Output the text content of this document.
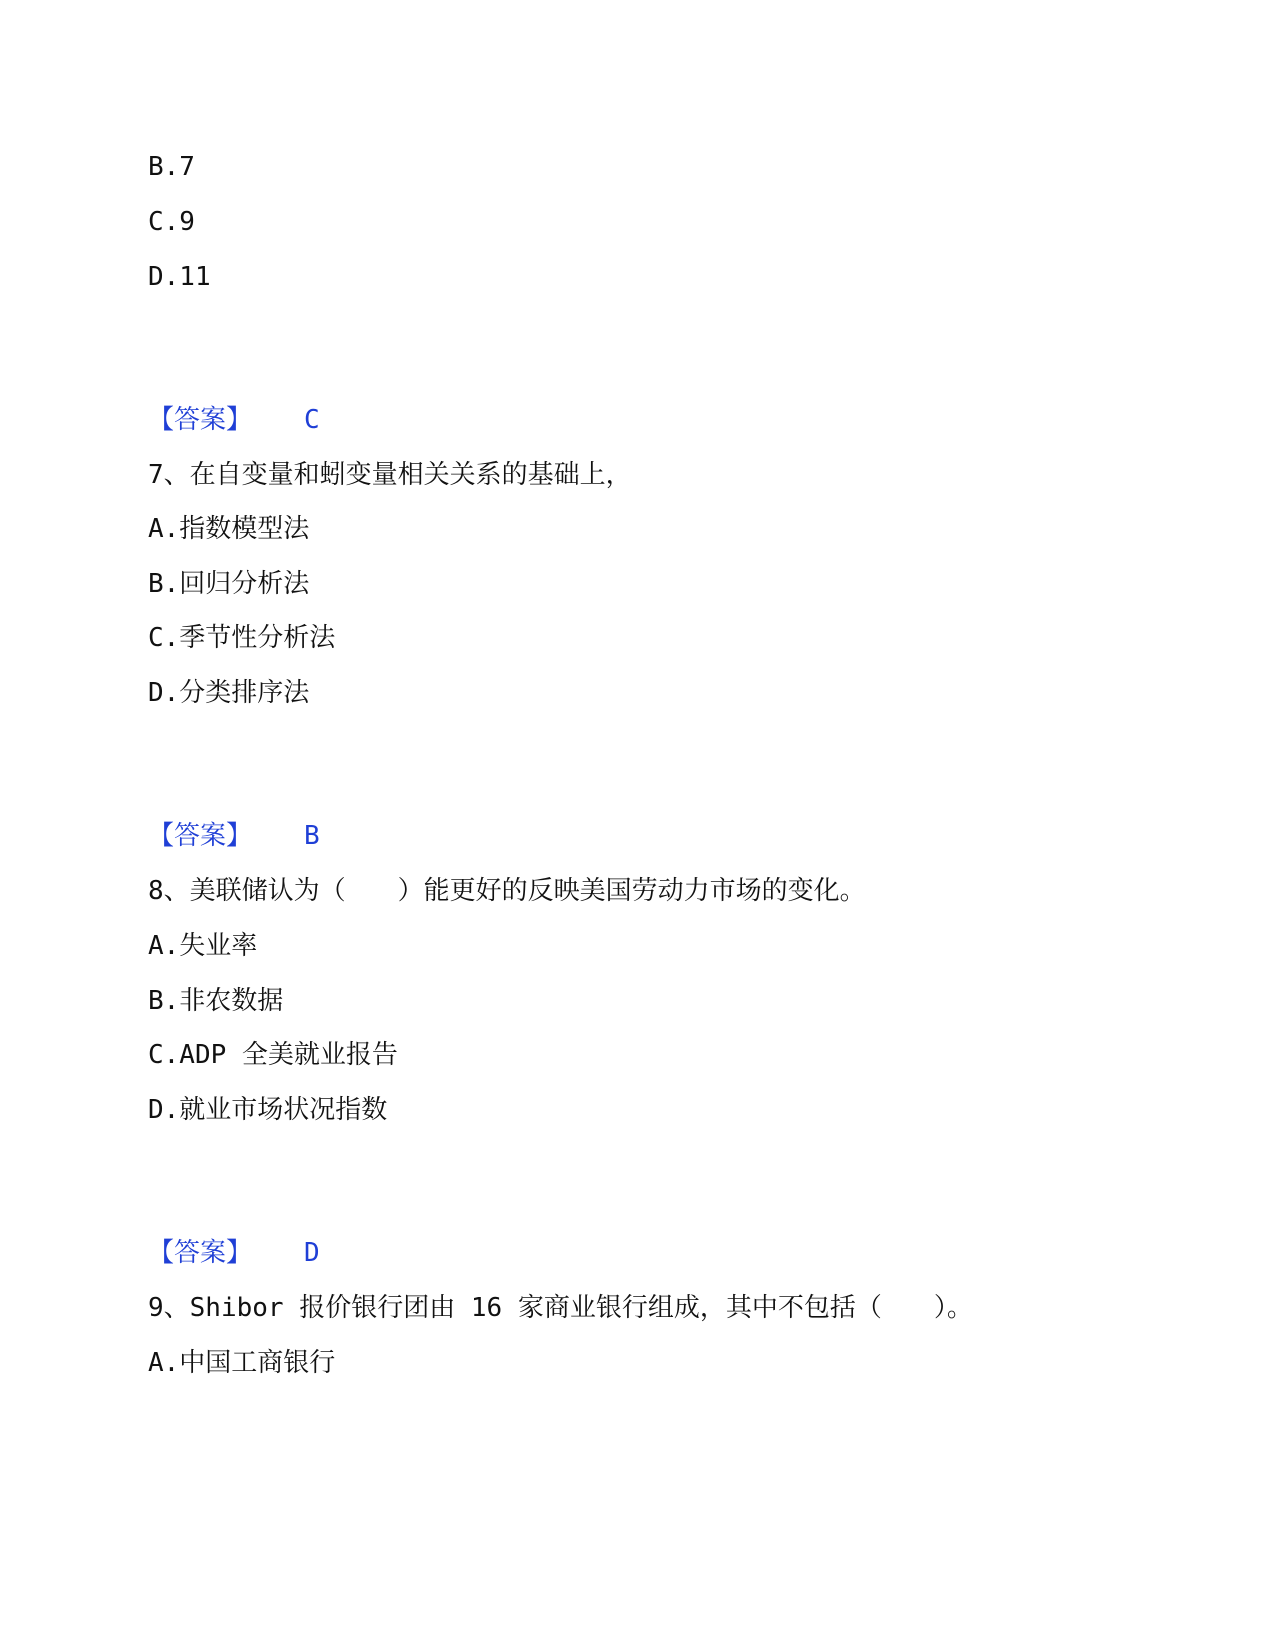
B.7
C.9
D.11
【答案】 C
7、在自变量和蚓变量相关关系的基础上，
A.指数模型法
B.回归分析法
C.季节性分析法
D.分类排序法
【答案】 B
8、美联储认为（　　）能更好的反映美国劳动力市场的变化。
A.失业率
B.非农数据
C.ADP 全美就业报告
D.就业市场状况指数
【答案】 D
9、Shibor 报价银行团由 16 家商业银行组成，其中不包括（　　）。
A.中国工商银行
